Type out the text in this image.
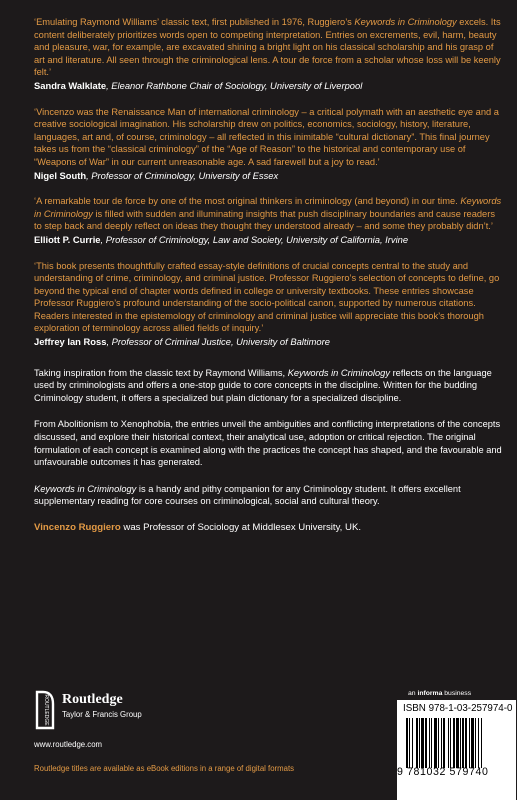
‘Emulating Raymond Williams’ classic text, first published in 1976, Ruggiero’s Keywords in Criminology excels. Its content deliberately prioritizes words open to competing interpretation. Entries on excrements, evil, harm, beauty and pleasure, war, for example, are excavated shining a bright light on his classical scholarship and his grasp of art and literature. All seen through the criminological lens. A tour de force from a scholar whose loss will be keenly felt.’

Sandra Walklate, Eleanor Rathbone Chair of Sociology, University of Liverpool

‘Vincenzo was the Renaissance Man of international criminology – a critical polymath with an aesthetic eye and a creative sociological imagination. His scholarship drew on politics, economics, sociology, history, literature, languages, art and, of course, criminology – all reflected in this inimitable “cultural dictionary”. This final journey takes us from the “classical criminology” of the “Age of Reason” to the historical and contemporary use of “Weapons of War” in our current unreasonable age. A sad farewell but a joy to read.’

Nigel South, Professor of Criminology, University of Essex

‘A remarkable tour de force by one of the most original thinkers in criminology (and beyond) in our time. Keywords in Criminology is filled with sudden and illuminating insights that push disciplinary boundaries and cause readers to step back and deeply reflect on ideas they thought they understood already – and some they probably didn’t.’

Elliott P. Currie, Professor of Criminology, Law and Society, University of California, Irvine

‘This book presents thoughtfully crafted essay-style definitions of crucial concepts central to the study and understanding of crime, criminology, and criminal justice. Professor Ruggiero’s selection of concepts to define, go beyond the typical end of chapter words defined in college or university textbooks. These entries showcase Professor Ruggiero’s profound understanding of the socio-political canon, supported by numerous citations. Readers interested in the epistemology of criminology and criminal justice will appreciate this book’s thorough exploration of terminology across allied fields of inquiry.’

Jeffrey Ian Ross, Professor of Criminal Justice, University of Baltimore

Taking inspiration from the classic text by Raymond Williams, Keywords in Criminology reflects on the language used by criminologists and offers a one-stop guide to core concepts in the discipline. Written for the budding Criminology student, it offers a specialized but plain dictionary for a specialized discipline.

From Abolitionism to Xenophobia, the entries unveil the ambiguities and conflicting interpretations of the concepts discussed, and explore their historical context, their analytical use, adoption or critical rejection. The original formulation of each concept is examined along with the practices the concept has shaped, and the favourable and unfavourable outcomes it has generated.

Keywords in Criminology is a handy and pithy companion for any Criminology student. It offers excellent supplementary reading for core courses on criminological, social and cultural theory.

Vincenzo Ruggiero was Professor of Sociology at Middlesex University, UK.

ROUTLEDGE Routledge
Taylor & Francis Group
www.routledge.com
Routledge titles are available as eBook editions in a range of digital formats
an informa business
ISBN 978-1-03-257974-0
9 781032 579740
